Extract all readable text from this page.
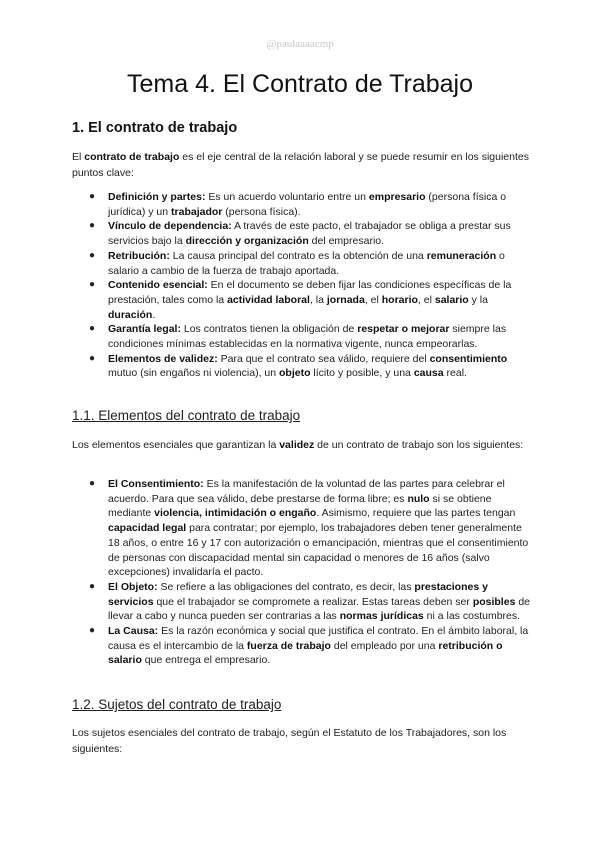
@paulaaaacmp
Tema 4. El Contrato de Trabajo
1. El contrato de trabajo

El contrato de trabajo es el eje central de la relación laboral y se puede resumir en los siguientes puntos clave:

● Definición y partes: Es un acuerdo voluntario entre un empresario (persona física o jurídica) y un trabajador (persona física).
● Vínculo de dependencia: A través de este pacto, el trabajador se obliga a prestar sus servicios bajo la dirección y organización del empresario.
● Retribución: La causa principal del contrato es la obtención de una remuneración o salario a cambio de la fuerza de trabajo aportada.
● Contenido esencial: En el documento se deben fijar las condiciones específicas de la prestación, tales como la actividad laboral, la jornada, el horario, el salario y la duración.
● Garantía legal: Los contratos tienen la obligación de respetar o mejorar siempre las condiciones mínimas establecidas en la normativa vigente, nunca empeorarlas.
● Elementos de validez: Para que el contrato sea válido, requiere del consentimiento mutuo (sin engaños ni violencia), un objeto lícito y posible, y una causa real.
1.1. Elementos del contrato de trabajo

Los elementos esenciales que garantizan la validez de un contrato de trabajo son los siguientes:

● El Consentimiento: Es la manifestación de la voluntad de las partes para celebrar el acuerdo. Para que sea válido, debe prestarse de forma libre; es nulo si se obtiene mediante violencia, intimidación o engaño. Asimismo, requiere que las partes tengan capacidad legal para contratar; por ejemplo, los trabajadores deben tener generalmente 18 años, o entre 16 y 17 con autorización o emancipación, mientras que el consentimiento de personas con discapacidad mental sin capacidad o menores de 16 años (salvo excepciones) invalidaría el pacto.
● El Objeto: Se refiere a las obligaciones del contrato, es decir, las prestaciones y servicios que el trabajador se compromete a realizar. Estas tareas deben ser posibles de llevar a cabo y nunca pueden ser contrarias a las normas jurídicas ni a las costumbres.
● La Causa: Es la razón económica y social que justifica el contrato. En el ámbito laboral, la causa es el intercambio de la fuerza de trabajo del empleado por una retribución o salario que entrega el empresario.
1.2. Sujetos del contrato de trabajo

Los sujetos esenciales del contrato de trabajo, según el Estatuto de los Trabajadores, son los siguientes:
